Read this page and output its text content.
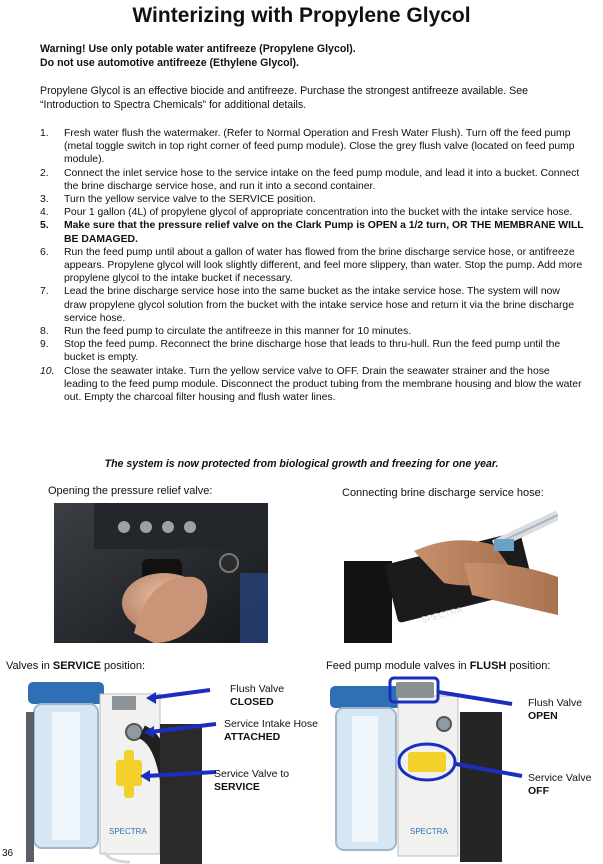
Winterizing with Propylene Glycol
Warning! Use only potable water antifreeze (Propylene Glycol).
Do not use automotive antifreeze (Ethylene Glycol).
Propylene Glycol is an effective biocide and antifreeze. Purchase the strongest antifreeze available. See “Introduction to Spectra Chemicals” for additional details.
1. Fresh water flush the watermaker. (Refer to Normal Operation and Fresh Water Flush). Turn off the feed pump (metal toggle switch in top right corner of feed pump module). Close the grey flush valve (located on feed pump module).
2. Connect the inlet service hose to the service intake on the feed pump module, and lead it into a bucket. Connect the brine discharge service hose, and run it into a second container.
3. Turn the yellow service valve to the SERVICE position.
4. Pour 1 gallon (4L) of propylene glycol of appropriate concentration into the bucket with the intake service hose.
5. Make sure that the pressure relief valve on the Clark Pump is OPEN a 1/2 turn, OR THE MEMBRANE WILL BE DAMAGED.
6. Run the feed pump until about a gallon of water has flowed from the brine discharge service hose, or antifreeze appears. Propylene glycol will look slightly different, and feel more slippery, than water. Stop the pump. Add more propylene glycol to the intake bucket if necessary.
7. Lead the brine discharge service hose into the same bucket as the intake service hose. The system will now draw propylene glycol solution from the bucket with the intake service hose and return it via the brine discharge service hose.
8. Run the feed pump to circulate the antifreeze in this manner for 10 minutes.
9. Stop the feed pump. Reconnect the brine discharge hose that leads to thru-hull. Run the feed pump until the bucket is empty.
10. Close the seawater intake. Turn the yellow service valve to OFF. Drain the seawater strainer and the hose leading to the feed pump module. Disconnect the product tubing from the membrane housing and blow the water out. Empty the charcoal filter housing and flush water lines.
The system is now protected from biological growth and freezing for one year.
Opening the pressure relief valve:	Connecting brine discharge service hose:
SPECTRA
Valves in SERVICE position:	Feed pump module valves in FLUSH position:
SPECTRA
Flush Valve
CLOSED
Service Intake Hose
ATTACHED
Service Valve to
SERVICE
SPECTRA
Flush Valve
OPEN
Service Valve
OFF
36
